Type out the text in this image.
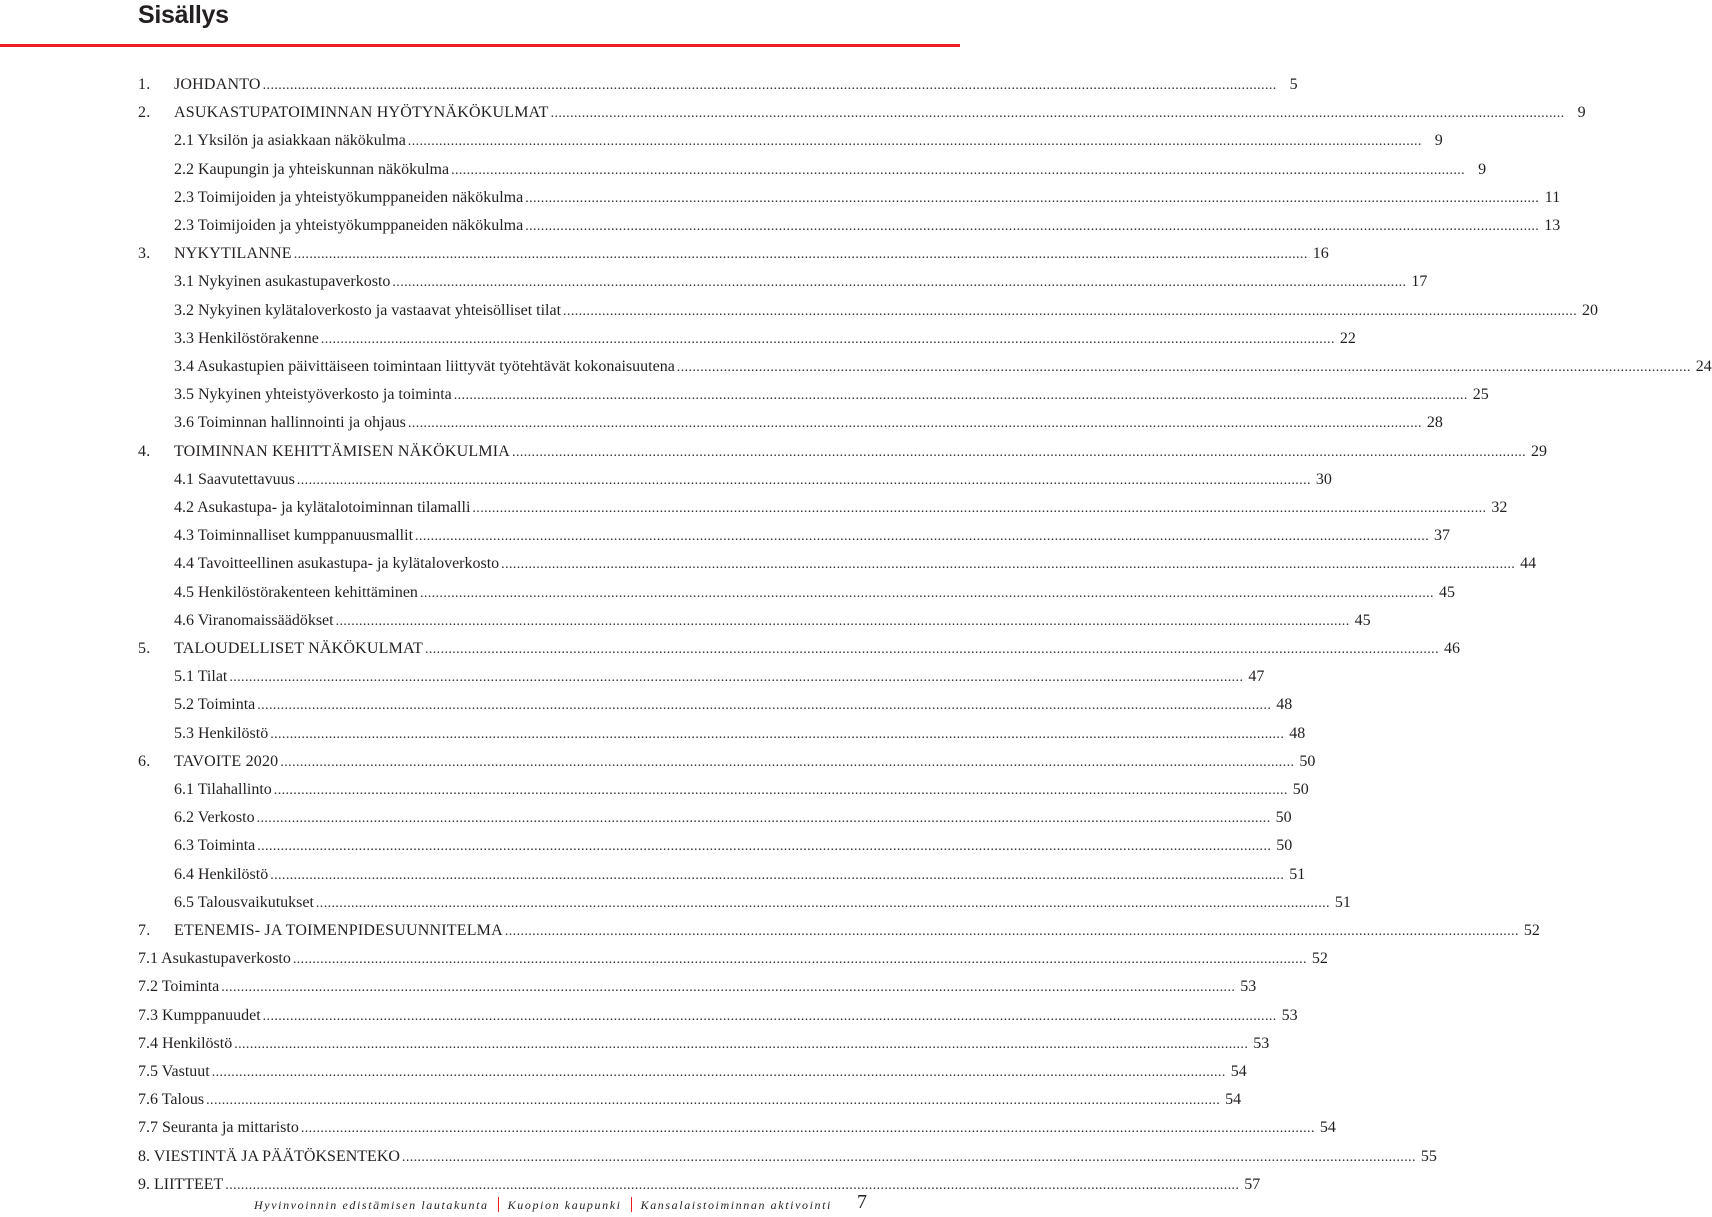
Sisällys
1.	JOHDANTO .................................................................................................................................................................................................................................................................... 5
2.	ASUKASTUPATOIMINNAN HYÖTYNÄKÖKULMAT .................................................................................................................................................................................................................................................................... 9
2.1 Yksilön ja asiakkaan näkökulma .................................................................................................................................................................................................................................................................... 9
2.2 Kaupungin ja yhteiskunnan näkökulma .................................................................................................................................................................................................................................................................... 9
2.3 Toimijoiden ja yhteistyökumppaneiden näkökulma .................................................................................................................................................................................................................................................................... 11
2.3 Toimijoiden ja yhteistyökumppaneiden näkökulma .................................................................................................................................................................................................................................................................... 13
3.	NYKYTILANNE .................................................................................................................................................................................................................................................................... 16
3.1 Nykyinen asukastupaverkosto .................................................................................................................................................................................................................................................................... 17
3.2 Nykyinen kylätaloverkosto ja vastaavat yhteisölliset tilat .................................................................................................................................................................................................................................................................... 20
3.3 Henkilöstörakenne .................................................................................................................................................................................................................................................................... 22
3.4 Asukastupien päivittäiseen toimintaan liittyvät työtehtävät kokonaisuutena .................................................................................................................................................................................................................................................................... 24
3.5 Nykyinen yhteistyöverkosto ja toiminta .................................................................................................................................................................................................................................................................... 25
3.6 Toiminnan hallinnointi ja ohjaus .................................................................................................................................................................................................................................................................... 28
4.	TOIMINNAN KEHITTÄMISEN NÄKÖKULMIA .................................................................................................................................................................................................................................................................... 29
4.1 Saavutettavuus .................................................................................................................................................................................................................................................................... 30
4.2 Asukastupa- ja kylätalotoiminnan tilamalli .................................................................................................................................................................................................................................................................... 32
4.3 Toiminnalliset kumppanuusmallit .................................................................................................................................................................................................................................................................... 37
4.4 Tavoitteellinen asukastupa- ja kylätaloverkosto .................................................................................................................................................................................................................................................................... 44
4.5 Henkilöstörakenteen kehittäminen .................................................................................................................................................................................................................................................................... 45
4.6 Viranomaissäädökset .................................................................................................................................................................................................................................................................... 45
5.	TALOUDELLISET NÄKÖKULMAT .................................................................................................................................................................................................................................................................... 46
5.1 Tilat .................................................................................................................................................................................................................................................................... 47
5.2 Toiminta .................................................................................................................................................................................................................................................................... 48
5.3 Henkilöstö .................................................................................................................................................................................................................................................................... 48
6.	TAVOITE 2020 .................................................................................................................................................................................................................................................................... 50
6.1 Tilahallinto .................................................................................................................................................................................................................................................................... 50
6.2 Verkosto .................................................................................................................................................................................................................................................................... 50
6.3 Toiminta .................................................................................................................................................................................................................................................................... 50
6.4 Henkilöstö .................................................................................................................................................................................................................................................................... 51
6.5 Talousvaikutukset .................................................................................................................................................................................................................................................................... 51
7.	ETENEMIS- JA TOIMENPIDESUUNNITELMA .................................................................................................................................................................................................................................................................... 52
7.1 Asukastupaverkosto .................................................................................................................................................................................................................................................................... 52
7.2 Toiminta .................................................................................................................................................................................................................................................................... 53
7.3 Kumppanuudet .................................................................................................................................................................................................................................................................... 53
7.4 Henkilöstö .................................................................................................................................................................................................................................................................... 53
7.5 Vastuut .................................................................................................................................................................................................................................................................... 54
7.6 Talous .................................................................................................................................................................................................................................................................... 54
7.7 Seuranta ja mittaristo .................................................................................................................................................................................................................................................................... 54
8. VIESTINTÄ JA PÄÄTÖKSENTEKO .................................................................................................................................................................................................................................................................... 55
9. LIITTEET .................................................................................................................................................................................................................................................................... 57
Hyvinvoinnin edistämisen lautakunta Kuopion kaupunki Kansalaistoiminnan aktivointi 7
